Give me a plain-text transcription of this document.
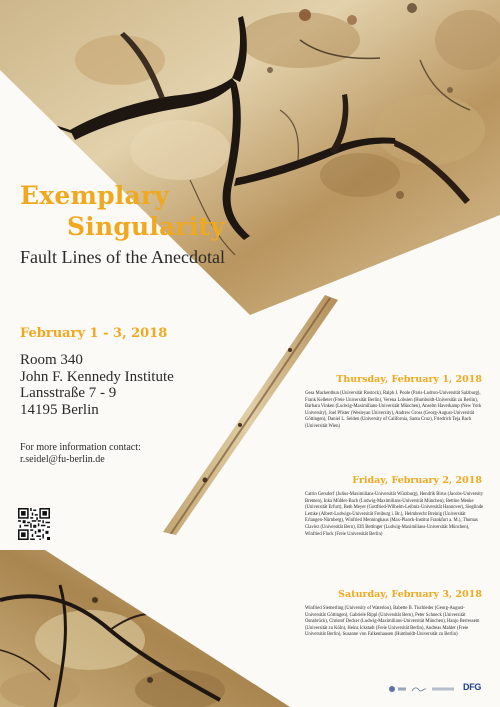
Exemplary
Singularity
Fault Lines of the Anecdotal
February 1 - 3, 2018
Room 340
John F. Kennedy Institute
Lansstraße 7 - 9
14195 Berlin
For more information contact:
r.seidel@fu-berlin.de
Thursday, February 1, 2018
Gesa Mackenthun (Universität Rostock), Ralph J. Poole (Paris-Lodron-Universität Salzburg), Frank Kelleter (Freie Universität Berlin), Verena Lobsien (Humboldt-Universität zu Berlin), Barbara Vinken (Ludwig-Maximilians-Universität München), Anselm Haverkamp (New York University), Joel Pfister (Wesleyan University), Andrew Gross (Georg-August-Universität Göttingen), Daniel L. Selden (University of California, Santa Cruz), Friedrich Teja Bach (Universität Wien)
Friday, February 2, 2018
Catrin Gersdorf (Julius-Maximilians-Universität Würzburg), Hendrik Birus (Jacobs-University Bremen), Inka Mülder-Bach (Ludwig-Maximilians-Universität München), Bettine Menke (Universität Erfurt), Beth Meyer (Gottfried-Wilhelm-Leibniz-Universität Hannover), Sieglinde Lemke (Albert-Ludwigs-Universität Freiburg i. Br.), Helmbrecht Breinig (Universität Erlangen-Nürnberg), Winfried Menninghaus (Max-Planck-Institut Frankfurt a. M.), Thomas Claviez (Universität Bern), Elfi Bettinger (Ludwig-Maximilians-Universität München), Winfried Fluck (Freie Universität Berlin)
Saturday, February 3, 2018
Winfried Siemerling (University of Waterloo), Babette B. Tischleder (Georg-August-Universität Göttingen), Gabriele Rippl (Universität Bern), Peter Schneck (Universität Osnabrück), Christof Decker (Ludwig-Maximilians-Universität München), Hanjo Berressem (Universität zu Köln), Heinz Ickstadt (Freie Universität Berlin), Andreas Mahler (Freie Universität Berlin), Susanne von Falkenhausen (Humboldt-Universität zu Berlin)
DFG
